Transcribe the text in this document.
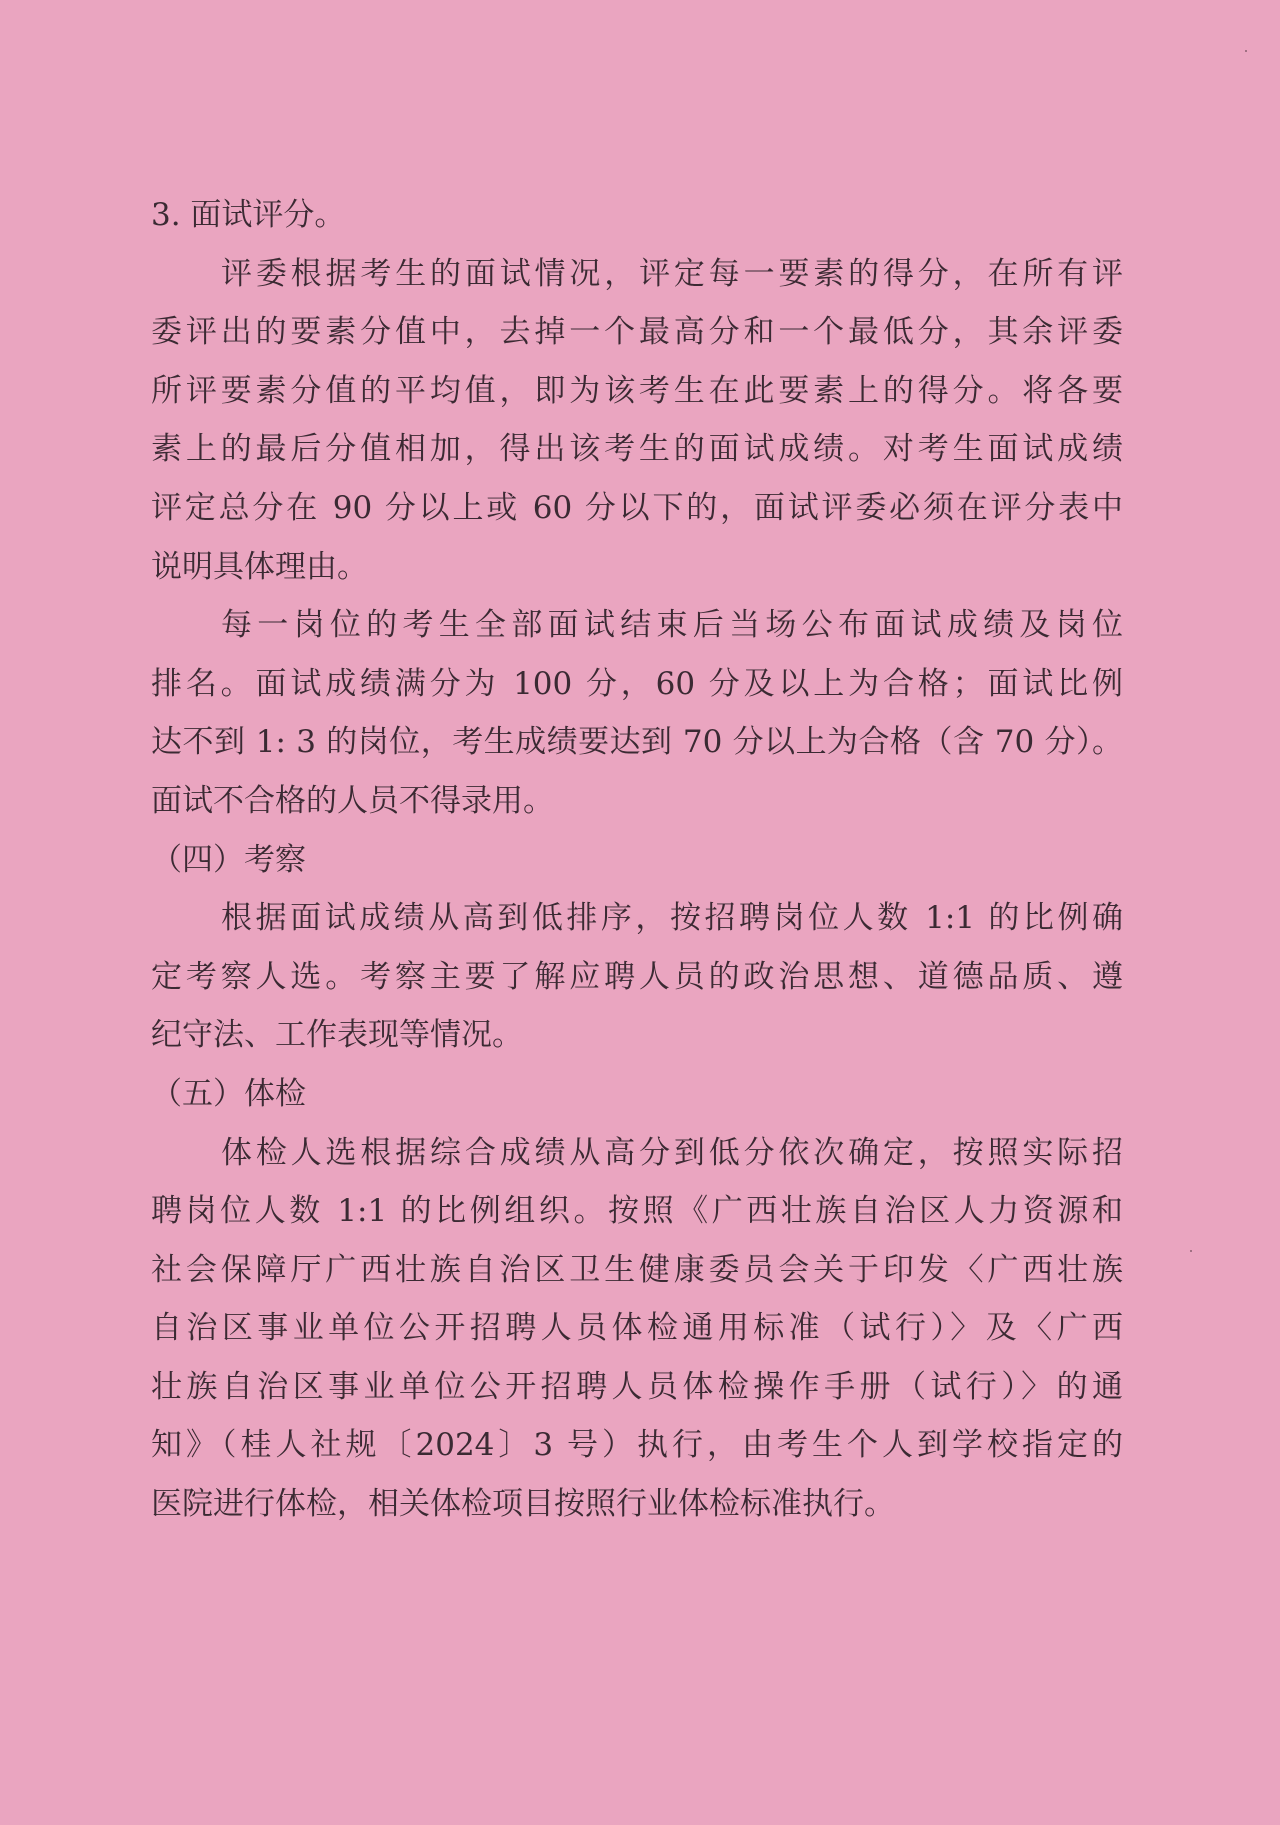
3. 面试评分。
评委根据考生的面试情况，评定每一要素的得分，在所有评
委评出的要素分值中，去掉一个最高分和一个最低分，其余评委
所评要素分值的平均值，即为该考生在此要素上的得分。将各要
素上的最后分值相加，得出该考生的面试成绩。对考生面试成绩
评定总分在 90 分以上或 60 分以下的，面试评委必须在评分表中
说明具体理由。
每一岗位的考生全部面试结束后当场公布面试成绩及岗位
排名。面试成绩满分为 100 分，60 分及以上为合格；面试比例
达不到 1: 3 的岗位，考生成绩要达到 70 分以上为合格（含 70 分）。
面试不合格的人员不得录用。
（四）考察
根据面试成绩从高到低排序，按招聘岗位人数 1:1 的比例确
定考察人选。考察主要了解应聘人员的政治思想、道德品质、遵
纪守法、工作表现等情况。
（五）体检
体检人选根据综合成绩从高分到低分依次确定，按照实际招
聘岗位人数 1:1 的比例组织。按照《广西壮族自治区人力资源和
社会保障厅广西壮族自治区卫生健康委员会关于印发〈广西壮族
自治区事业单位公开招聘人员体检通用标准（试行）〉及〈广西
壮族自治区事业单位公开招聘人员体检操作手册（试行）〉的通
知》（桂人社规〔2024〕3 号）执行，由考生个人到学校指定的
医院进行体检，相关体检项目按照行业体检标准执行。
